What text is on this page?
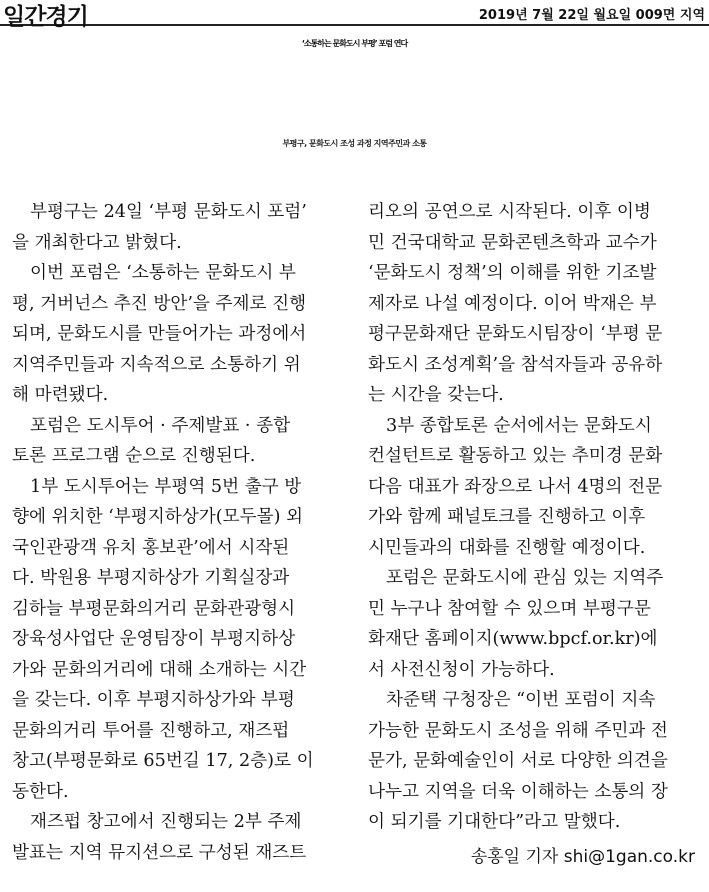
일간경기	2019년 7월 22일 월요일 009면 지역
‘소통하는 문화도시 부평’ 포럼 연다
부평구, 문화도시 조성 과정 지역주민과 소통
부평구는 24일 ‘부평 문화도시 포럼’
을 개최한다고 밝혔다.
이번 포럼은 ‘소통하는 문화도시 부
평, 거버넌스 추진 방안’을 주제로 진행
되며, 문화도시를 만들어가는 과정에서
지역주민들과 지속적으로 소통하기 위
해 마련됐다.
포럼은 도시투어 · 주제발표 · 종합
토론 프로그램 순으로 진행된다.
1부 도시투어는 부평역 5번 출구 방
향에 위치한 ‘부평지하상가(모두몰) 외
국인관광객 유치 홍보관’에서 시작된
다. 박원용 부평지하상가 기획실장과
김하늘 부평문화의거리 문화관광형시
장육성사업단 운영팀장이 부평지하상
가와 문화의거리에 대해 소개하는 시간
을 갖는다. 이후 부평지하상가와 부평
문화의거리 투어를 진행하고, 재즈펍
창고(부평문화로 65번길 17, 2층)로 이
동한다.
재즈펍 창고에서 진행되는 2부 주제
발표는 지역 뮤지션으로 구성된 재즈트
리오의 공연으로 시작된다. 이후 이병
민 건국대학교 문화콘텐츠학과 교수가
‘문화도시 정책’의 이해를 위한 기조발
제자로 나설 예정이다. 이어 박재은 부
평구문화재단 문화도시팀장이 ‘부평 문
화도시 조성계획’을 참석자들과 공유하
는 시간을 갖는다.
3부 종합토론 순서에서는 문화도시
컨설턴트로 활동하고 있는 추미경 문화
다음 대표가 좌장으로 나서 4명의 전문
가와 함께 패널토크를 진행하고 이후
시민들과의 대화를 진행할 예정이다.
포럼은 문화도시에 관심 있는 지역주
민 누구나 참여할 수 있으며 부평구문
화재단 홈페이지(www.bpcf.or.kr)에
서 사전신청이 가능하다.
차준택 구청장은 “이번 포럼이 지속
가능한 문화도시 조성을 위해 주민과 전
문가, 문화예술인이 서로 다양한 의견을
나누고 지역을 더욱 이해하는 소통의 장
이 되기를 기대한다”라고 말했다.
송홍일 기자 shi@1gan.co.kr
